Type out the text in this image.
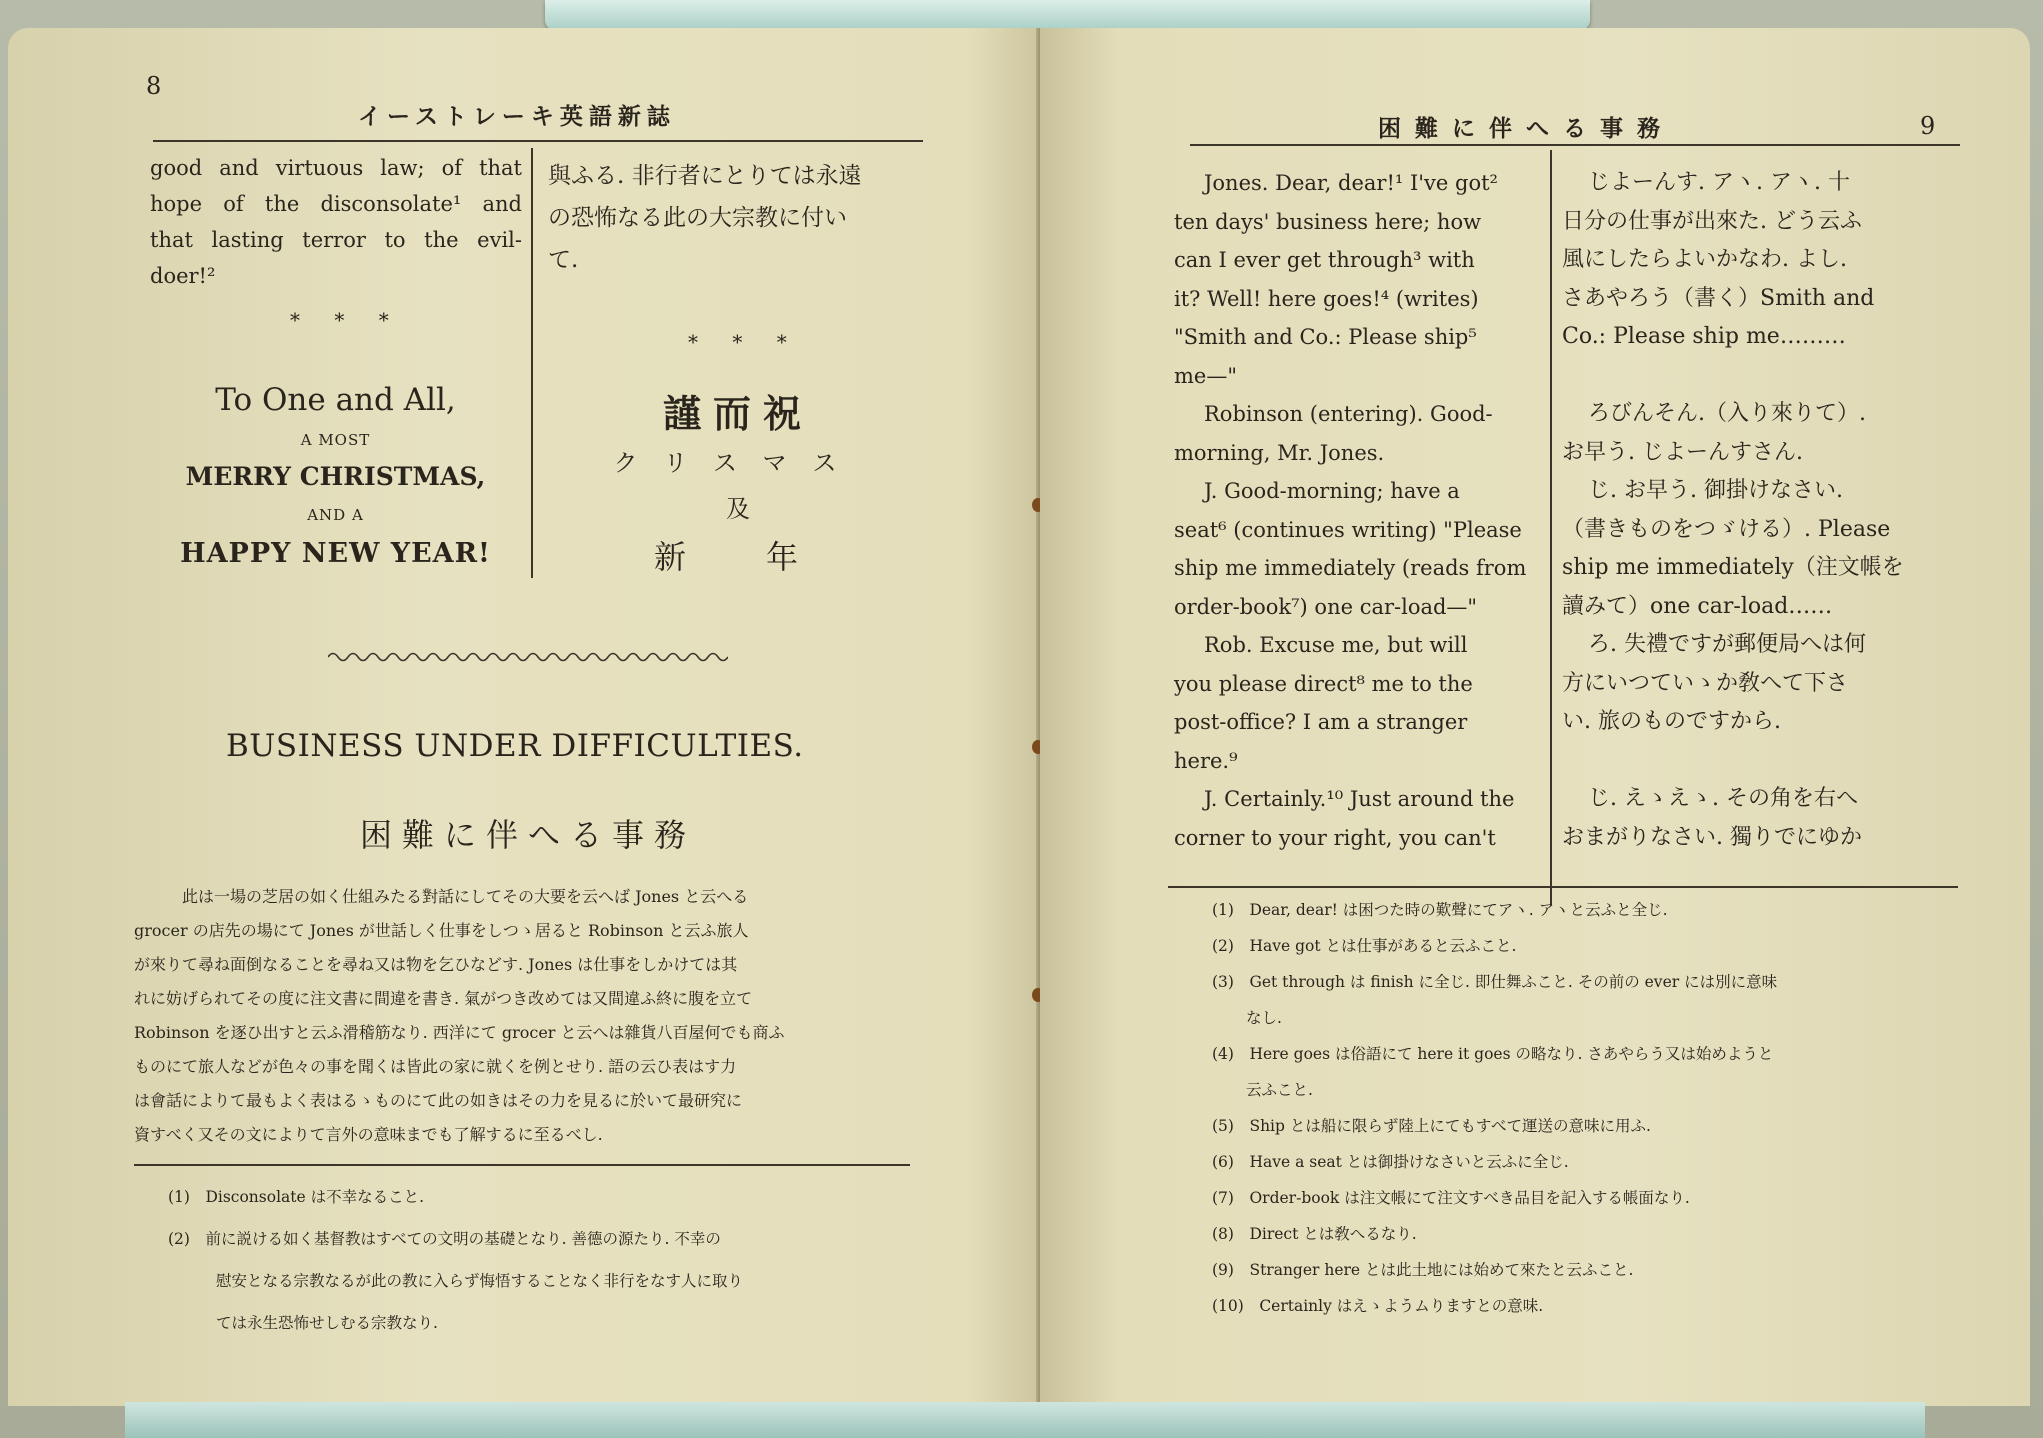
8
イーストレーキ英語新誌
good and virtuous law; of that
hope of the disconsolate¹ and
that lasting terror to the evil-
doer!²
與ふる. 非行者にとりては永遠
の恐怖なる此の大宗教に付い
て.
* * *
* * *
To One and All,
A MOST
MERRY CHRISTMAS,
AND A
HAPPY NEW YEAR!
謹而祝
クリスマス
及
新　年
BUSINESS UNDER DIFFICULTIES.
困難に伴へる事務
此は一場の芝居の如く仕組みたる對話にしてその大要を云へば Jones と云へる
grocer の店先の場にて Jones が世話しく仕事をしつゝ居ると Robinson と云ふ旅人
が來りて尋ね面倒なることを尋ね又は物を乞ひなどす. Jones は仕事をしかけては其
れに妨げられてその度に注文書に間違を書き. 氣がつき改めては又間違ふ終に腹を立て
Robinson を逐ひ出すと云ふ滑稽筋なり. 西洋にて grocer と云へは雜貨八百屋何でも商ふ
ものにて旅人などが色々の事を聞くは皆此の家に就くを例とせり. 語の云ひ表はす力
は會話によりて最もよく表はるゝものにて此の如きはその力を見るに於いて最研究に
資すべく又その文によりて言外の意味までも了解するに至るべし.
(1)　Disconsolate は不幸なること.
(2)　前に説ける如く基督教はすべての文明の基礎となり. 善德の源たり. 不幸の
慰安となる宗教なるが此の教に入らず悔悟することなく非行をなす人に取り
ては永生恐怖せしむる宗教なり.
困難に伴へる事務	9
Jones. Dear, dear!¹ I've got²
ten days' business here; how
can I ever get through³ with
it? Well! here goes!⁴ (writes)
"Smith and Co.: Please ship⁵
me—"
Robinson (entering). Good-
morning, Mr. Jones.
J. Good-morning; have a
seat⁶ (continues writing) "Please
ship me immediately (reads from
order-book⁷) one car-load—"
Rob. Excuse me, but will
you please direct⁸ me to the
post-office? I am a stranger
here.⁹
J. Certainly.¹⁰ Just around the
corner to your right, you can't
じよーんす. アヽ. アヽ. 十
日分の仕事が出來た. どう云ふ
風にしたらよいかなわ. よし.
さあやろう（書く）Smith and
Co.: Please ship me………

ろびんそん.（入り來りて）.
お早う. じよーんすさん.
じ. お早う. 御掛けなさい.
（書きものをつゞける）. Please
ship me immediately（注文帳を
讀みて）one car-load……
ろ. 失禮ですが郵便局へは何
方にいつていゝか敎へて下さ
い. 旅のものですから.

じ. えゝえゝ. その角を右へ
おまがりなさい. 獨りでにゆか
(1)　Dear, dear! は困つた時の歎聲にてアヽ. アヽと云ふと全じ.
(2)　Have got とは仕事があると云ふこと.
(3)　Get through は finish に全じ. 即仕舞ふこと. その前の ever には別に意味
なし.
(4)　Here goes は俗語にて here it goes の略なり. さあやらう又は始めようと
云ふこと.
(5)　Ship とは船に限らず陸上にてもすべて運送の意味に用ふ.
(6)　Have a seat とは御掛けなさいと云ふに全じ.
(7)　Order-book は注文帳にて注文すべき品目を記入する帳面なり.
(8)　Direct とは敎へるなり.
(9)　Stranger here とは此土地には始めて來たと云ふこと.
(10)　Certainly はえゝようムりますとの意味.
